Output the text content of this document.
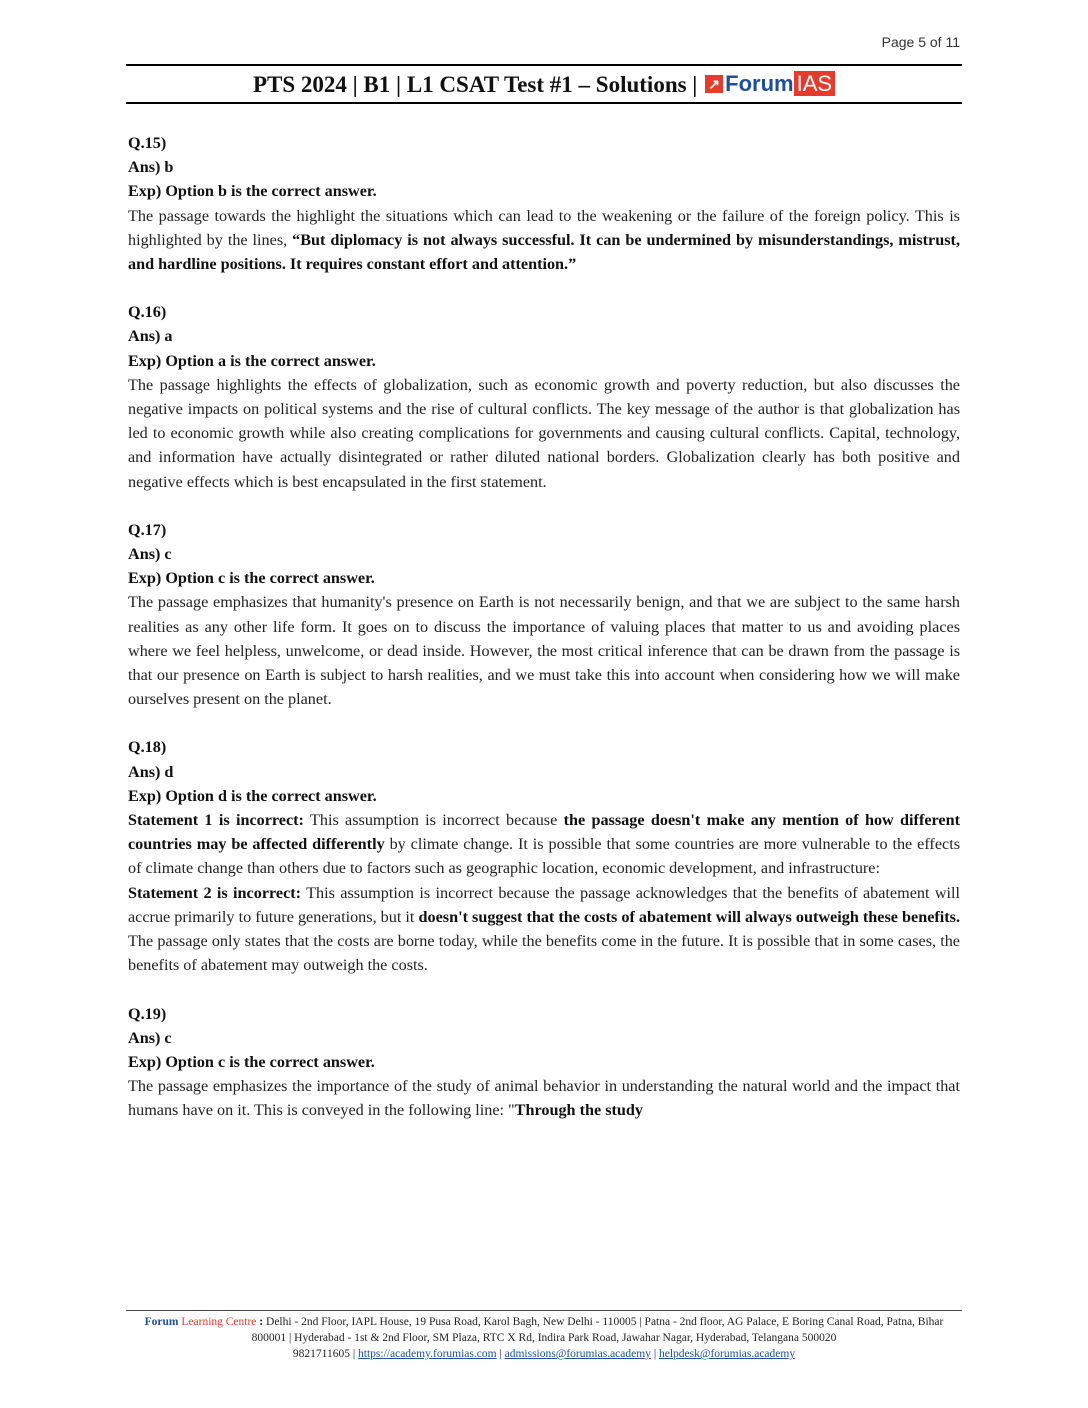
Page 5 of 11
PTS 2024 | B1 | L1 CSAT Test #1 – Solutions | ↗ Forum IAS
Q.15)
Ans) b
Exp) Option b is the correct answer.

The passage towards the highlight the situations which can lead to the weakening or the failure of the foreign policy. This is highlighted by the lines, “But diplomacy is not always successful. It can be undermined by misunderstandings, mistrust, and hardline positions. It requires constant effort and attention.”

Q.16)
Ans) a
Exp) Option a is the correct answer.

The passage highlights the effects of globalization, such as economic growth and poverty reduction, but also discusses the negative impacts on political systems and the rise of cultural conflicts. The key message of the author is that globalization has led to economic growth while also creating complications for governments and causing cultural conflicts. Capital, technology, and information have actually disintegrated or rather diluted national borders. Globalization clearly has both positive and negative effects which is best encapsulated in the first statement.

Q.17)
Ans) c
Exp) Option c is the correct answer.

The passage emphasizes that humanity's presence on Earth is not necessarily benign, and that we are subject to the same harsh realities as any other life form. It goes on to discuss the importance of valuing places that matter to us and avoiding places where we feel helpless, unwelcome, or dead inside. However, the most critical inference that can be drawn from the passage is that our presence on Earth is subject to harsh realities, and we must take this into account when considering how we will make ourselves present on the planet.

Q.18)
Ans) d
Exp) Option d is the correct answer.

Statement 1 is incorrect: This assumption is incorrect because the passage doesn't make any mention of how different countries may be affected differently by climate change. It is possible that some countries are more vulnerable to the effects of climate change than others due to factors such as geographic location, economic development, and infrastructure:

Statement 2 is incorrect: This assumption is incorrect because the passage acknowledges that the benefits of abatement will accrue primarily to future generations, but it doesn't suggest that the costs of abatement will always outweigh these benefits. The passage only states that the costs are borne today, while the benefits come in the future. It is possible that in some cases, the benefits of abatement may outweigh the costs.

Q.19)
Ans) c
Exp) Option c is the correct answer.

The passage emphasizes the importance of the study of animal behavior in understanding the natural world and the impact that humans have on it. This is conveyed in the following line: "Through the study

Forum Learning Centre : Delhi - 2nd Floor, IAPL House, 19 Pusa Road, Karol Bagh, New Delhi - 110005 | Patna - 2nd floor, AG Palace, E Boring Canal Road, Patna, Bihar 800001 | Hyderabad - 1st & 2nd Floor, SM Plaza, RTC X Rd, Indira Park Road, Jawahar Nagar, Hyderabad, Telangana 500020
9821711605 | https://academy.forumias.com | admissions@forumias.academy | helpdesk@forumias.academy
